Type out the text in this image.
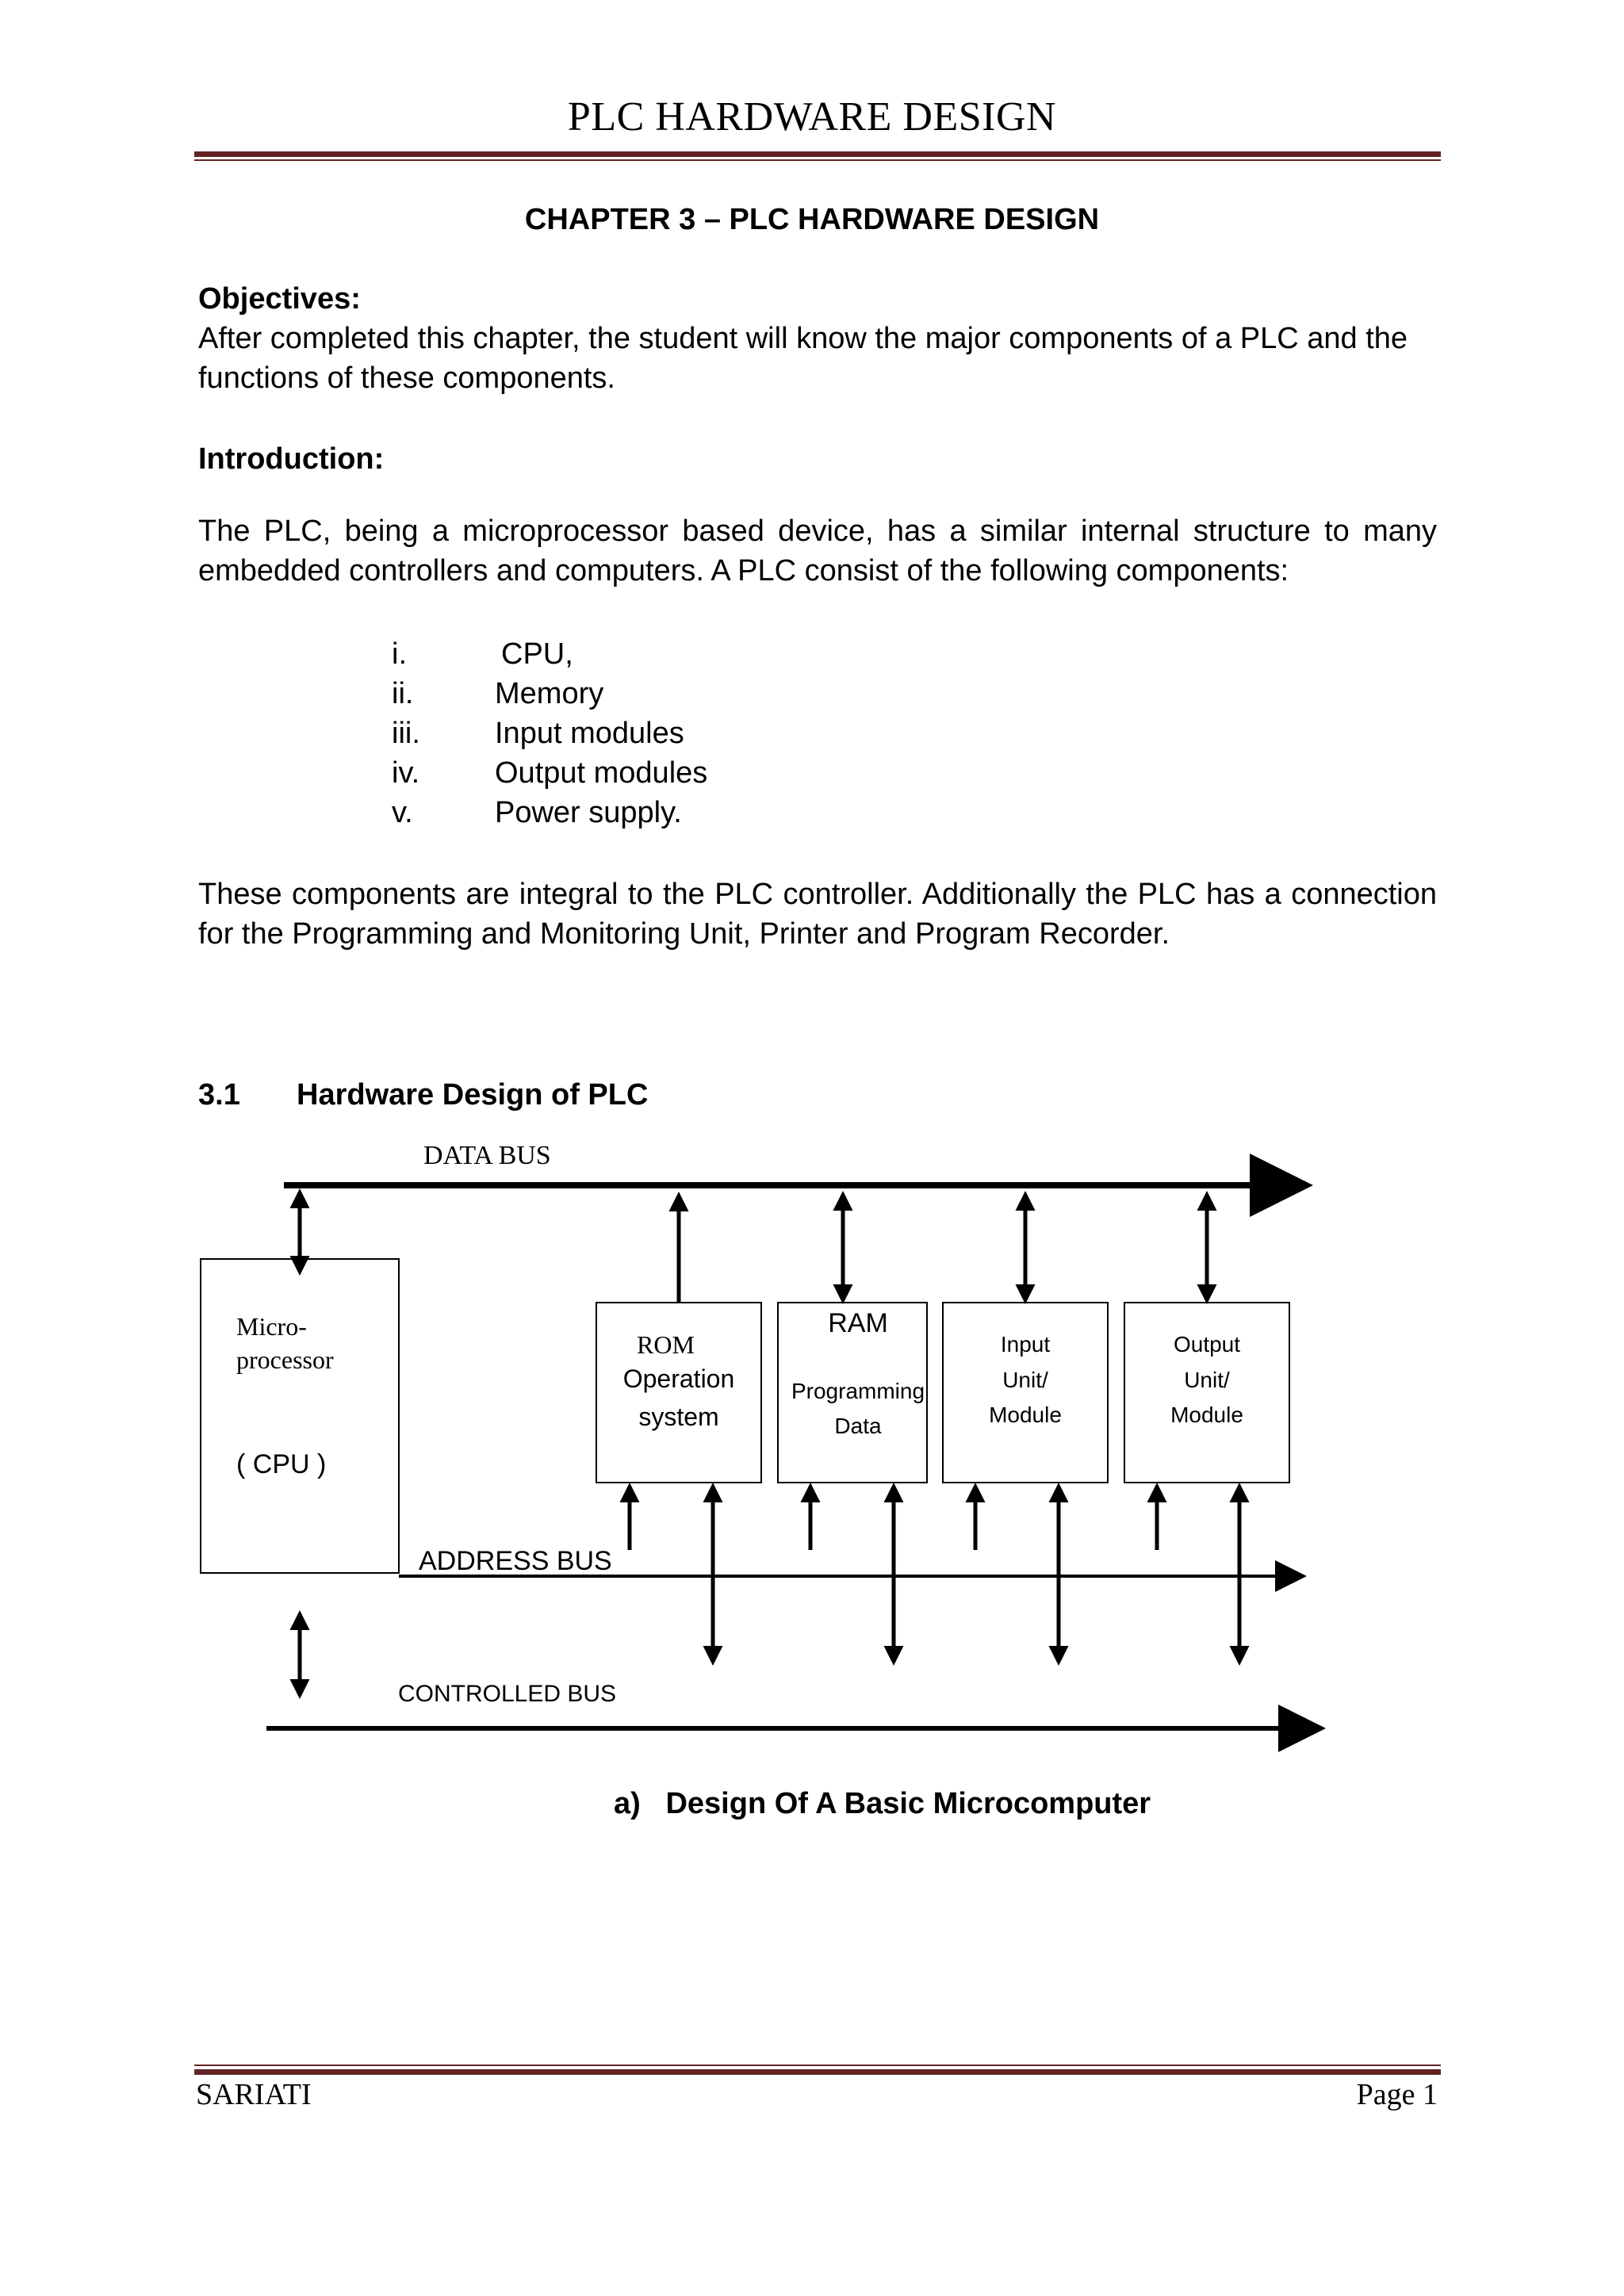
PLC HARDWARE DESIGN
CHAPTER 3 – PLC HARDWARE DESIGN
Objectives:
After completed this chapter, the student will know the major components of a PLC and the
functions of these components.
Introduction:
The PLC, being a microprocessor based device, has a similar internal structure to many
embedded controllers and computers. A PLC consist of the following components:
i.	CPU,
ii.	Memory
iii. Input modules
iv. Output modules
v.	Power supply.
These components are integral to the PLC controller. Additionally the PLC has a connection
for the Programming and Monitoring Unit, Printer and Program Recorder.
3.1 Hardware Design of PLC
DATA BUS
ADDRESS BUS
CONTROLLED BUS
Micro-
processor
( CPU )
ROM
Operation
system
RAM
Programming
Data
Input
Unit/
Module
Output
Unit/
Module
a)   Design Of A Basic Microcomputer
SARIATI	Page 1
